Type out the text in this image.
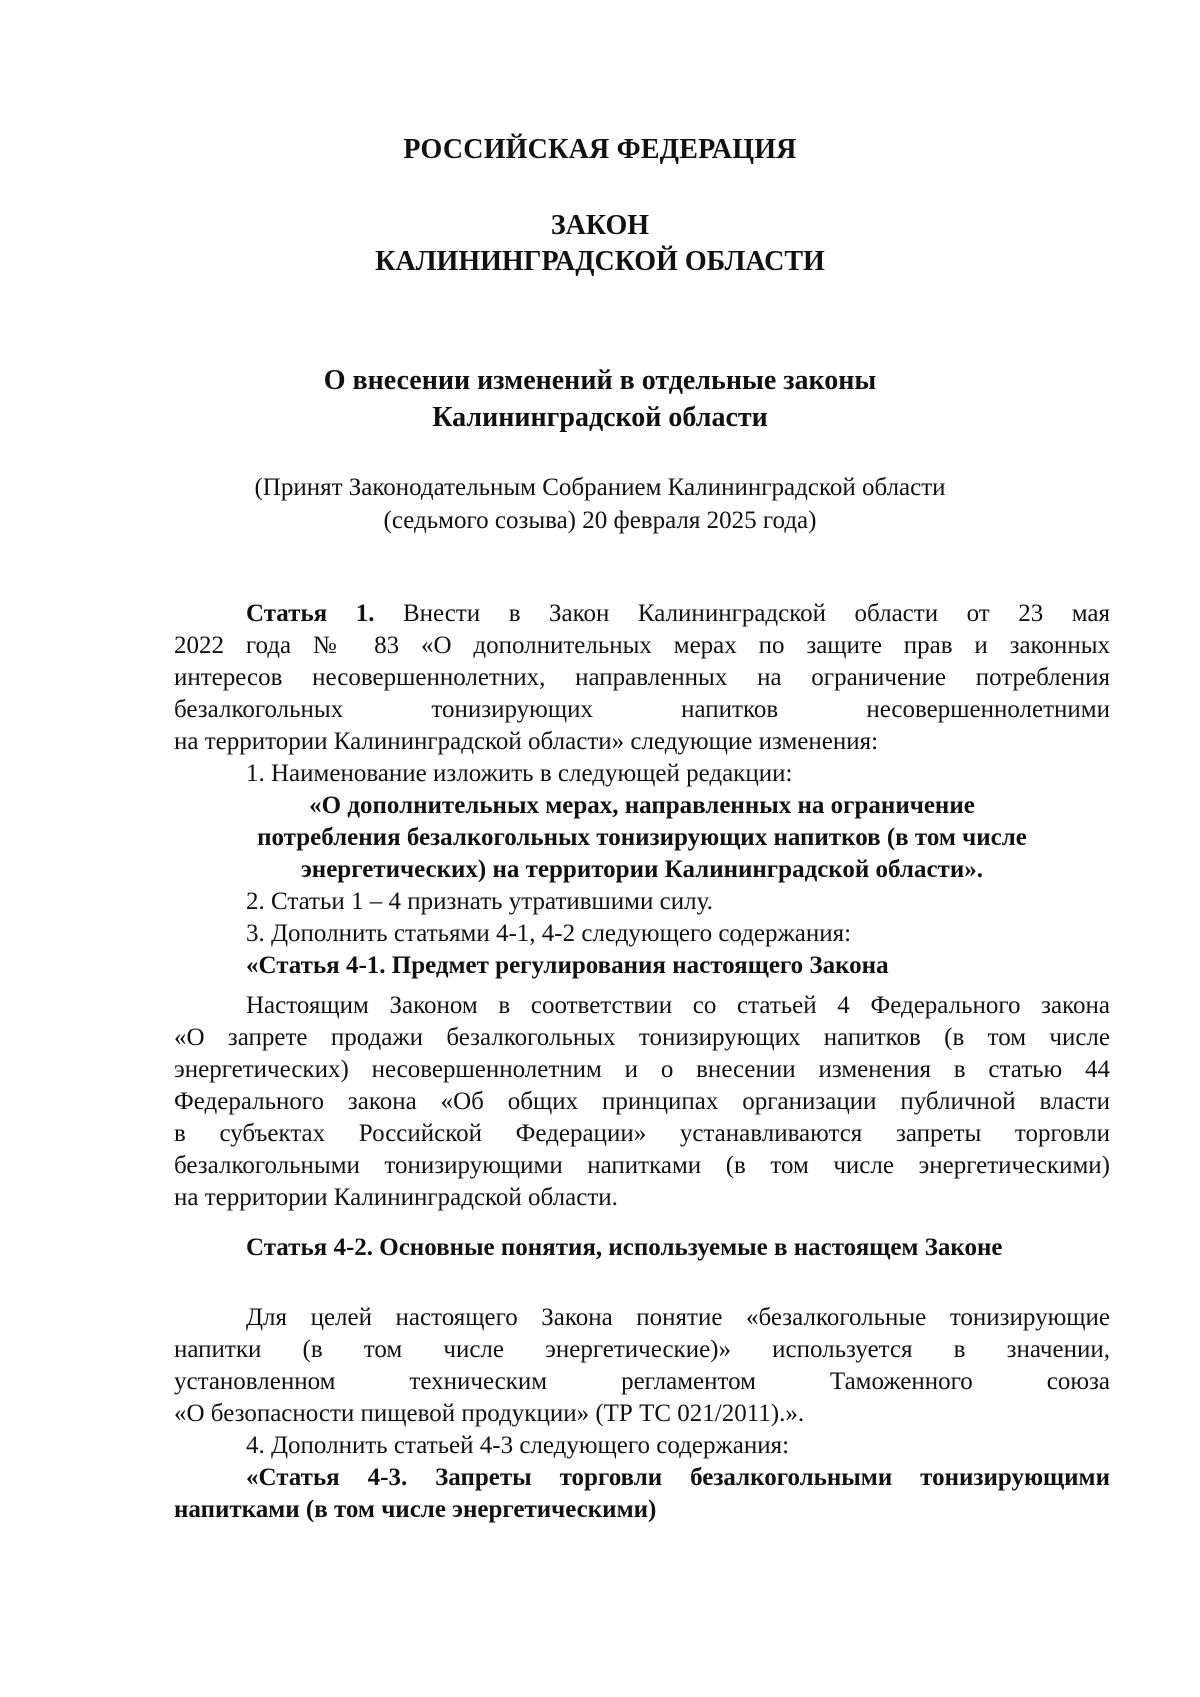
РОССИЙСКАЯ ФЕДЕРАЦИЯ
ЗАКОН
КАЛИНИНГРАДСКОЙ ОБЛАСТИ
О внесении изменений в отдельные законы
Калининградской области
(Принят Законодательным Собранием Калининградской области
(седьмого созыва) 20 февраля 2025 года)
Статья 1. Внести в Закон Калининградской области от 23 мая
2022 года № 83 «О дополнительных мерах по защите прав и законных
интересов несовершеннолетних, направленных на ограничение потребления
безалкогольных тонизирующих напитков несовершеннолетними
на территории Калининградской области» следующие изменения:
1. Наименование изложить в следующей редакции:
«О дополнительных мерах, направленных на ограничение
потребления безалкогольных тонизирующих напитков (в том числе
энергетических) на территории Калининградской области».
2. Статьи 1 – 4 признать утратившими силу.
3. Дополнить статьями 4-1, 4-2 следующего содержания:
«Статья 4-1. Предмет регулирования настоящего Закона
Настоящим Законом в соответствии со статьей 4 Федерального закона
«О запрете продажи безалкогольных тонизирующих напитков (в том числе
энергетических) несовершеннолетним и о внесении изменения в статью 44
Федерального закона «Об общих принципах организации публичной власти
в субъектах Российской Федерации» устанавливаются запреты торговли
безалкогольными тонизирующими напитками (в том числе энергетическими)
на территории Калининградской области.
Статья 4-2. Основные понятия, используемые в настоящем Законе
Для целей настоящего Закона понятие «безалкогольные тонизирующие
напитки (в том числе энергетические)» используется в значении,
установленном техническим регламентом Таможенного союза
«О безопасности пищевой продукции» (ТР ТС 021/2011).».
4. Дополнить статьей 4-3 следующего содержания:
«Статья 4-3. Запреты торговли безалкогольными тонизирующими
напитками (в том числе энергетическими)
